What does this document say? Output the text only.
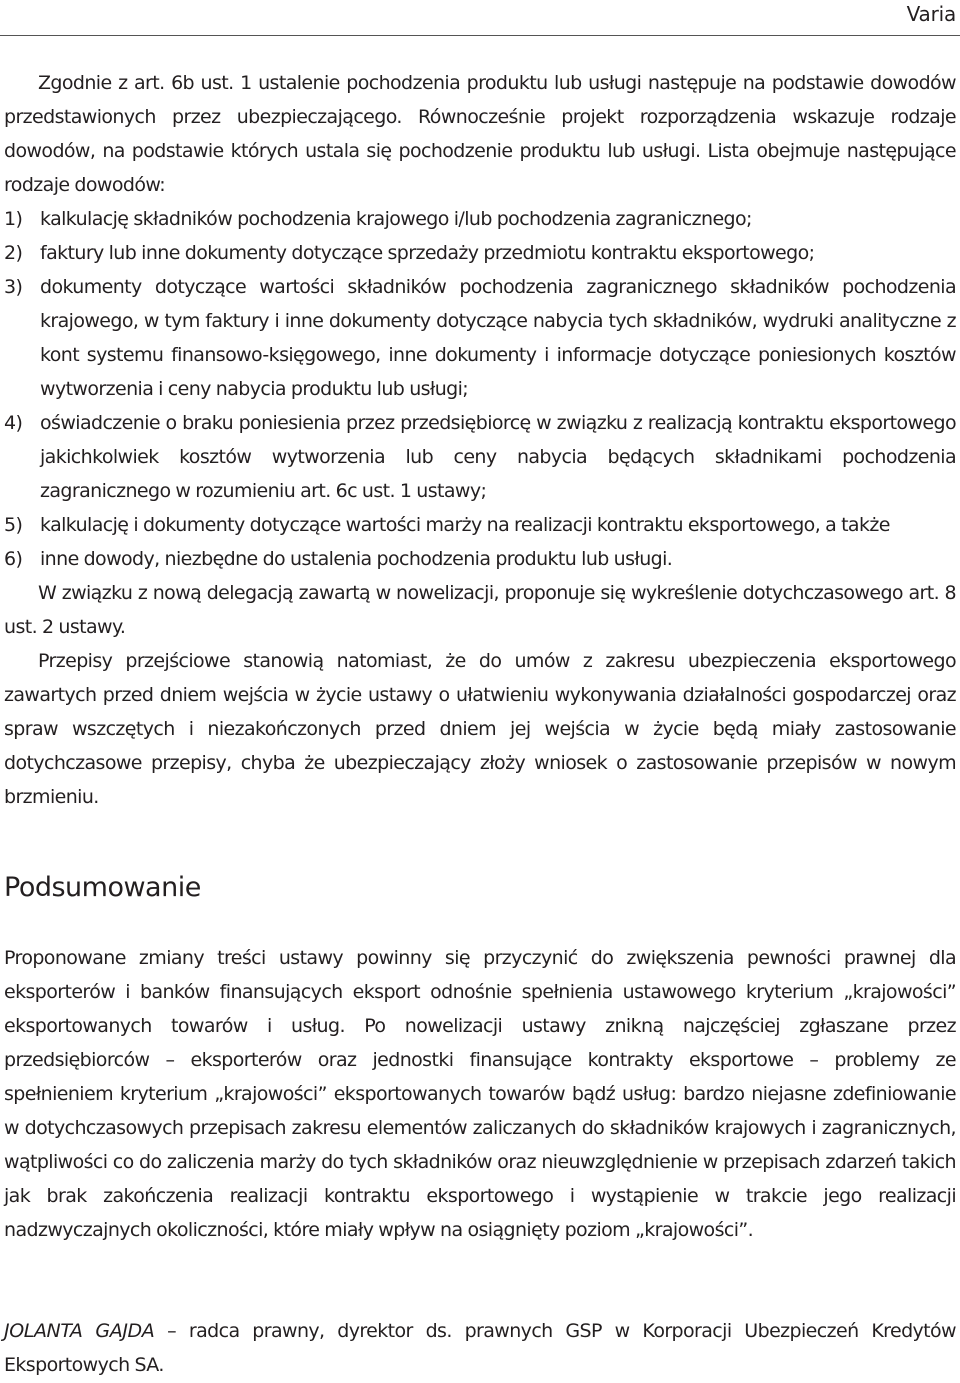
Varia

Zgodnie z art. 6b ust. 1 ustalenie pochodzenia produktu lub usługi następuje na podstawie dowodów przedstawionych przez ubezpieczającego. Równocześnie projekt rozporządzenia wskazuje rodzaje dowodów, na podstawie których ustala się pochodzenie produktu lub usługi. Lista obejmuje następujące rodzaje dowodów:

1) kalkulację składników pochodzenia krajowego i/lub pochodzenia zagranicznego;
2) faktury lub inne dokumenty dotyczące sprzedaży przedmiotu kontraktu eksportowego;
3) dokumenty dotyczące wartości składników pochodzenia zagranicznego składników pochodzenia krajowego, w tym faktury i inne dokumenty dotyczące nabycia tych składników, wydruki analityczne z kont systemu finansowo-księgowego, inne dokumenty i informacje dotyczące poniesionych kosztów wytworzenia i ceny nabycia produktu lub usługi;
4) oświadczenie o braku poniesienia przez przedsiębiorcę w związku z realizacją kontraktu eksportowego jakichkolwiek kosztów wytworzenia lub ceny nabycia będących składnikami pochodzenia zagranicznego w rozumieniu art. 6c ust. 1 ustawy;
5) kalkulację i dokumenty dotyczące wartości marży na realizacji kontraktu eksportowego, a także
6) inne dowody, niezbędne do ustalenia pochodzenia produktu lub usługi.

W związku z nową delegacją zawartą w nowelizacji, proponuje się wykreślenie dotychczasowego art. 8 ust. 2 ustawy.

Przepisy przejściowe stanowią natomiast, że do umów z zakresu ubezpieczenia eksportowego zawartych przed dniem wejścia w życie ustawy o ułatwieniu wykonywania działalności gospodarczej oraz spraw wszczętych i niezakończonych przed dniem jej wejścia w życie będą miały zastosowanie dotychczasowe przepisy, chyba że ubezpieczający złoży wniosek o zastosowanie przepisów w nowym brzmieniu.

Podsumowanie

Proponowane zmiany treści ustawy powinny się przyczynić do zwiększenia pewności prawnej dla eksporterów i banków finansujących eksport odnośnie spełnienia ustawowego kryterium „krajowości” eksportowanych towarów i usług. Po nowelizacji ustawy znikną najczęściej zgłaszane przez przedsiębiorców – eksporterów oraz jednostki finansujące kontrakty eksportowe – problemy ze spełnieniem kryterium „krajowości” eksportowanych towarów bądź usług: bardzo niejasne zdefiniowanie w dotychczasowych przepisach zakresu elementów zaliczanych do składników krajowych i zagranicznych, wątpliwości co do zaliczenia marży do tych składników oraz nieuwzględnienie w przepisach zdarzeń takich jak brak zakończenia realizacji kontraktu eksportowego i wystąpienie w trakcie jego realizacji nadzwyczajnych okoliczności, które miały wpływ na osiągnięty poziom „krajowości”.

JOLANTA GAJDA – radca prawny, dyrektor ds. prawnych GSP w Korporacji Ubezpieczeń Kredytów Eksportowych SA.
